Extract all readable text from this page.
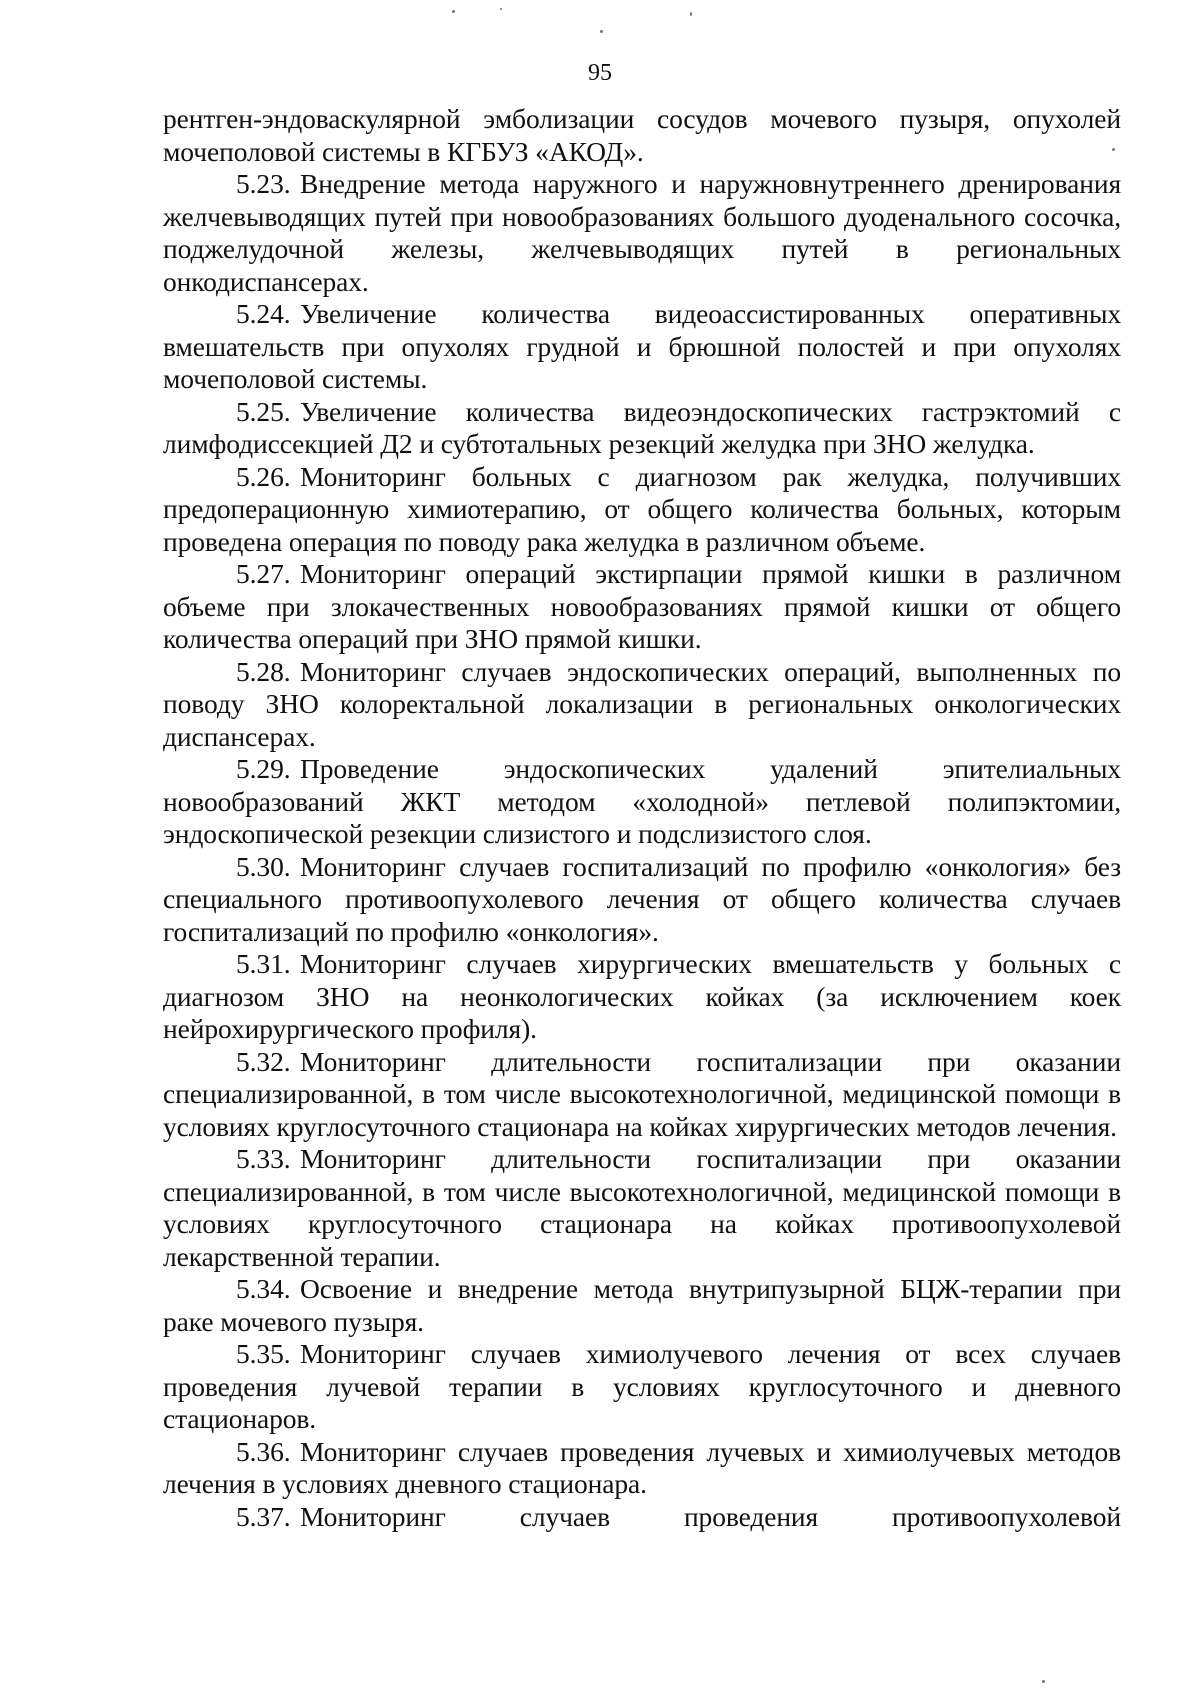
95

рентген-эндоваскулярной эмболизации сосудов мочевого пузыря, опухолей мочеполовой системы в КГБУЗ «АКОД».

5.23. Внедрение метода наружного и наружновнутреннего дренирования желчевыводящих путей при новообразованиях большого дуоденального сосочка, поджелудочной железы, желчевыводящих путей в региональных онкодиспансерах.

5.24. Увеличение количества видеоассистированных оперативных вмешательств при опухолях грудной и брюшной полостей и при опухолях мочеполовой системы.

5.25. Увеличение количества видеоэндоскопических гастрэктомий с лимфодиссекцией Д2 и субтотальных резекций желудка при ЗНО желудка.

5.26. Мониторинг больных с диагнозом рак желудка, получивших предоперационную химиотерапию, от общего количества больных, которым проведена операция по поводу рака желудка в различном объеме.

5.27. Мониторинг операций экстирпации прямой кишки в различном объеме при злокачественных новообразованиях прямой кишки от общего количества операций при ЗНО прямой кишки.

5.28. Мониторинг случаев эндоскопических операций, выполненных по поводу ЗНО колоректальной локализации в региональных онкологических диспансерах.

5.29. Проведение эндоскопических удалений эпителиальных новообразований ЖКТ методом «холодной» петлевой полипэктомии, эндоскопической резекции слизистого и подслизистого слоя.

5.30. Мониторинг случаев госпитализаций по профилю «онкология» без специального противоопухолевого лечения от общего количества случаев госпитализаций по профилю «онкология».

5.31. Мониторинг случаев хирургических вмешательств у больных с диагнозом ЗНО на неонкологических койках (за исключением коек нейрохирургического профиля).

5.32. Мониторинг длительности госпитализации при оказании специализированной, в том числе высокотехнологичной, медицинской помощи в условиях круглосуточного стационара на койках хирургических методов лечения.

5.33. Мониторинг длительности госпитализации при оказании специализированной, в том числе высокотехнологичной, медицинской помощи в условиях круглосуточного стационара на койках противоопухолевой лекарственной терапии.

5.34. Освоение и внедрение метода внутрипузырной БЦЖ-терапии при раке мочевого пузыря.

5.35. Мониторинг случаев химиолучевого лечения от всех случаев проведения лучевой терапии в условиях круглосуточного и дневного стационаров.

5.36. Мониторинг случаев проведения лучевых и химиолучевых методов лечения в условиях дневного стационара.

5.37. Мониторинг случаев проведения противоопухолевой
